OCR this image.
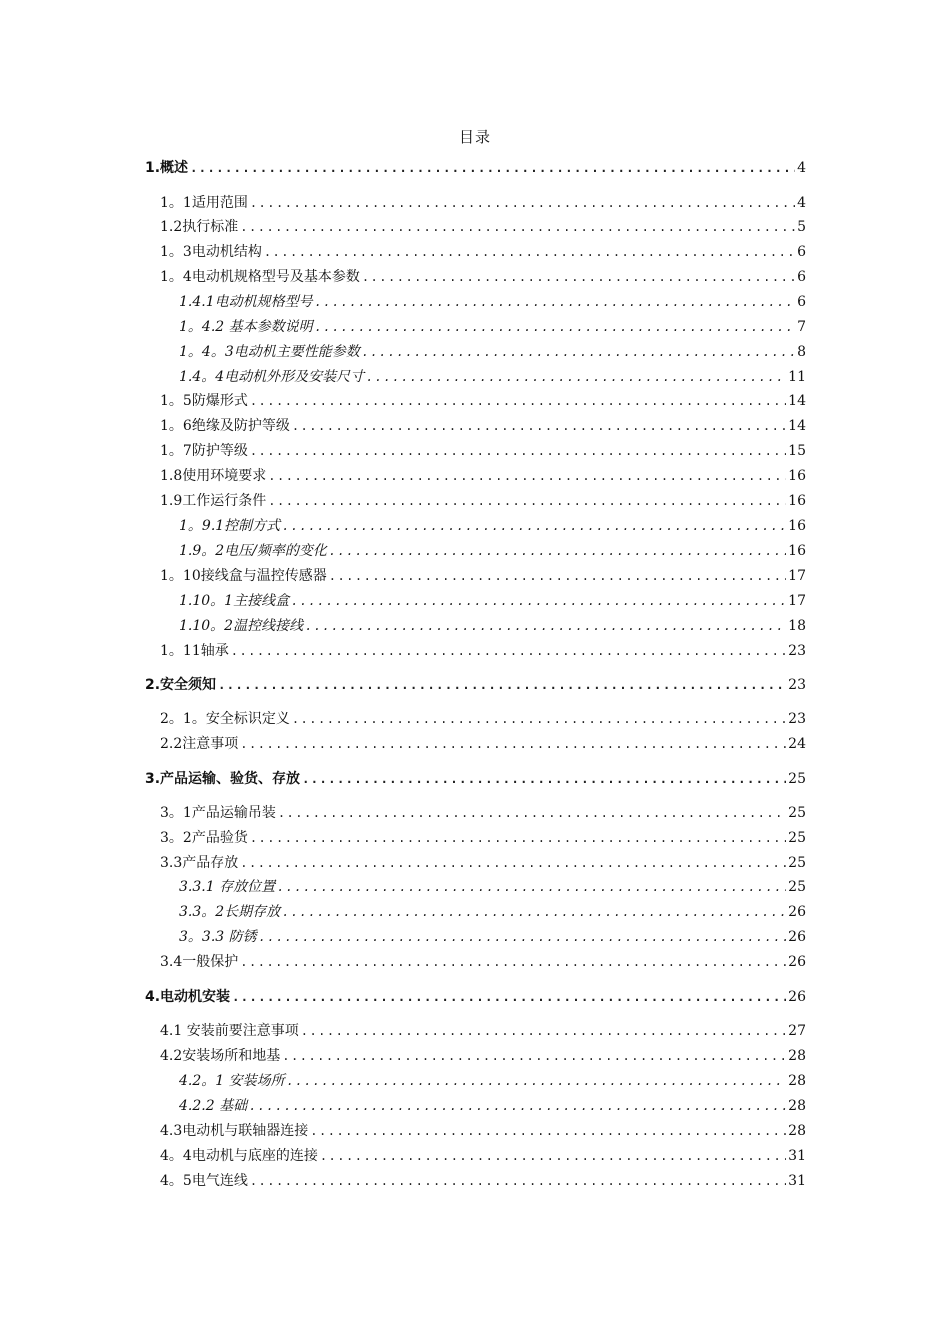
目录
1.概述 .....	4
1。1适用范围 .....	4
1.2执行标准 .....	5
1。3电动机结构 .....	6
1。4电动机规格型号及基本参数 .....	6
1.4.1电动机规格型号 .....	6
1。4.2 基本参数说明 .....	7
1。4。3电动机主要性能参数 .....	8
1.4。4电动机外形及安装尺寸 .....	11
1。5防爆形式 .....	14
1。6绝缘及防护等级 .....	14
1。7防护等级 .....	15
1.8使用环境要求 .....	16
1.9工作运行条件 .....	16
1。9.1控制方式 .....	16
1.9。2电压/频率的变化 .....	16
1。10接线盒与温控传感器 .....	17
1.10。1主接线盒 .....	17
1.10。2温控线接线 .....	18
1。11轴承 .....	23
2.安全须知 .....	23
2。1。安全标识定义 .....	23
2.2注意事项 .....	24
3.产品运输、验货、存放 .....	25
3。1产品运输吊装 .....	25
3。2产品验货 .....	25
3.3产品存放 .....	25
3.3.1 存放位置 .....	25
3.3。2长期存放 .....	26
3。3.3 防锈 .....	26
3.4一般保护 .....	26
4.电动机安装 .....	26
4.1 安装前要注意事项 .....	27
4.2安装场所和地基 .....	28
4.2。1 安装场所 .....	28
4.2.2 基础 .....	28
4.3电动机与联轴器连接 .....	28
4。4电动机与底座的连接 .....	31
4。5电气连线 .....	31
